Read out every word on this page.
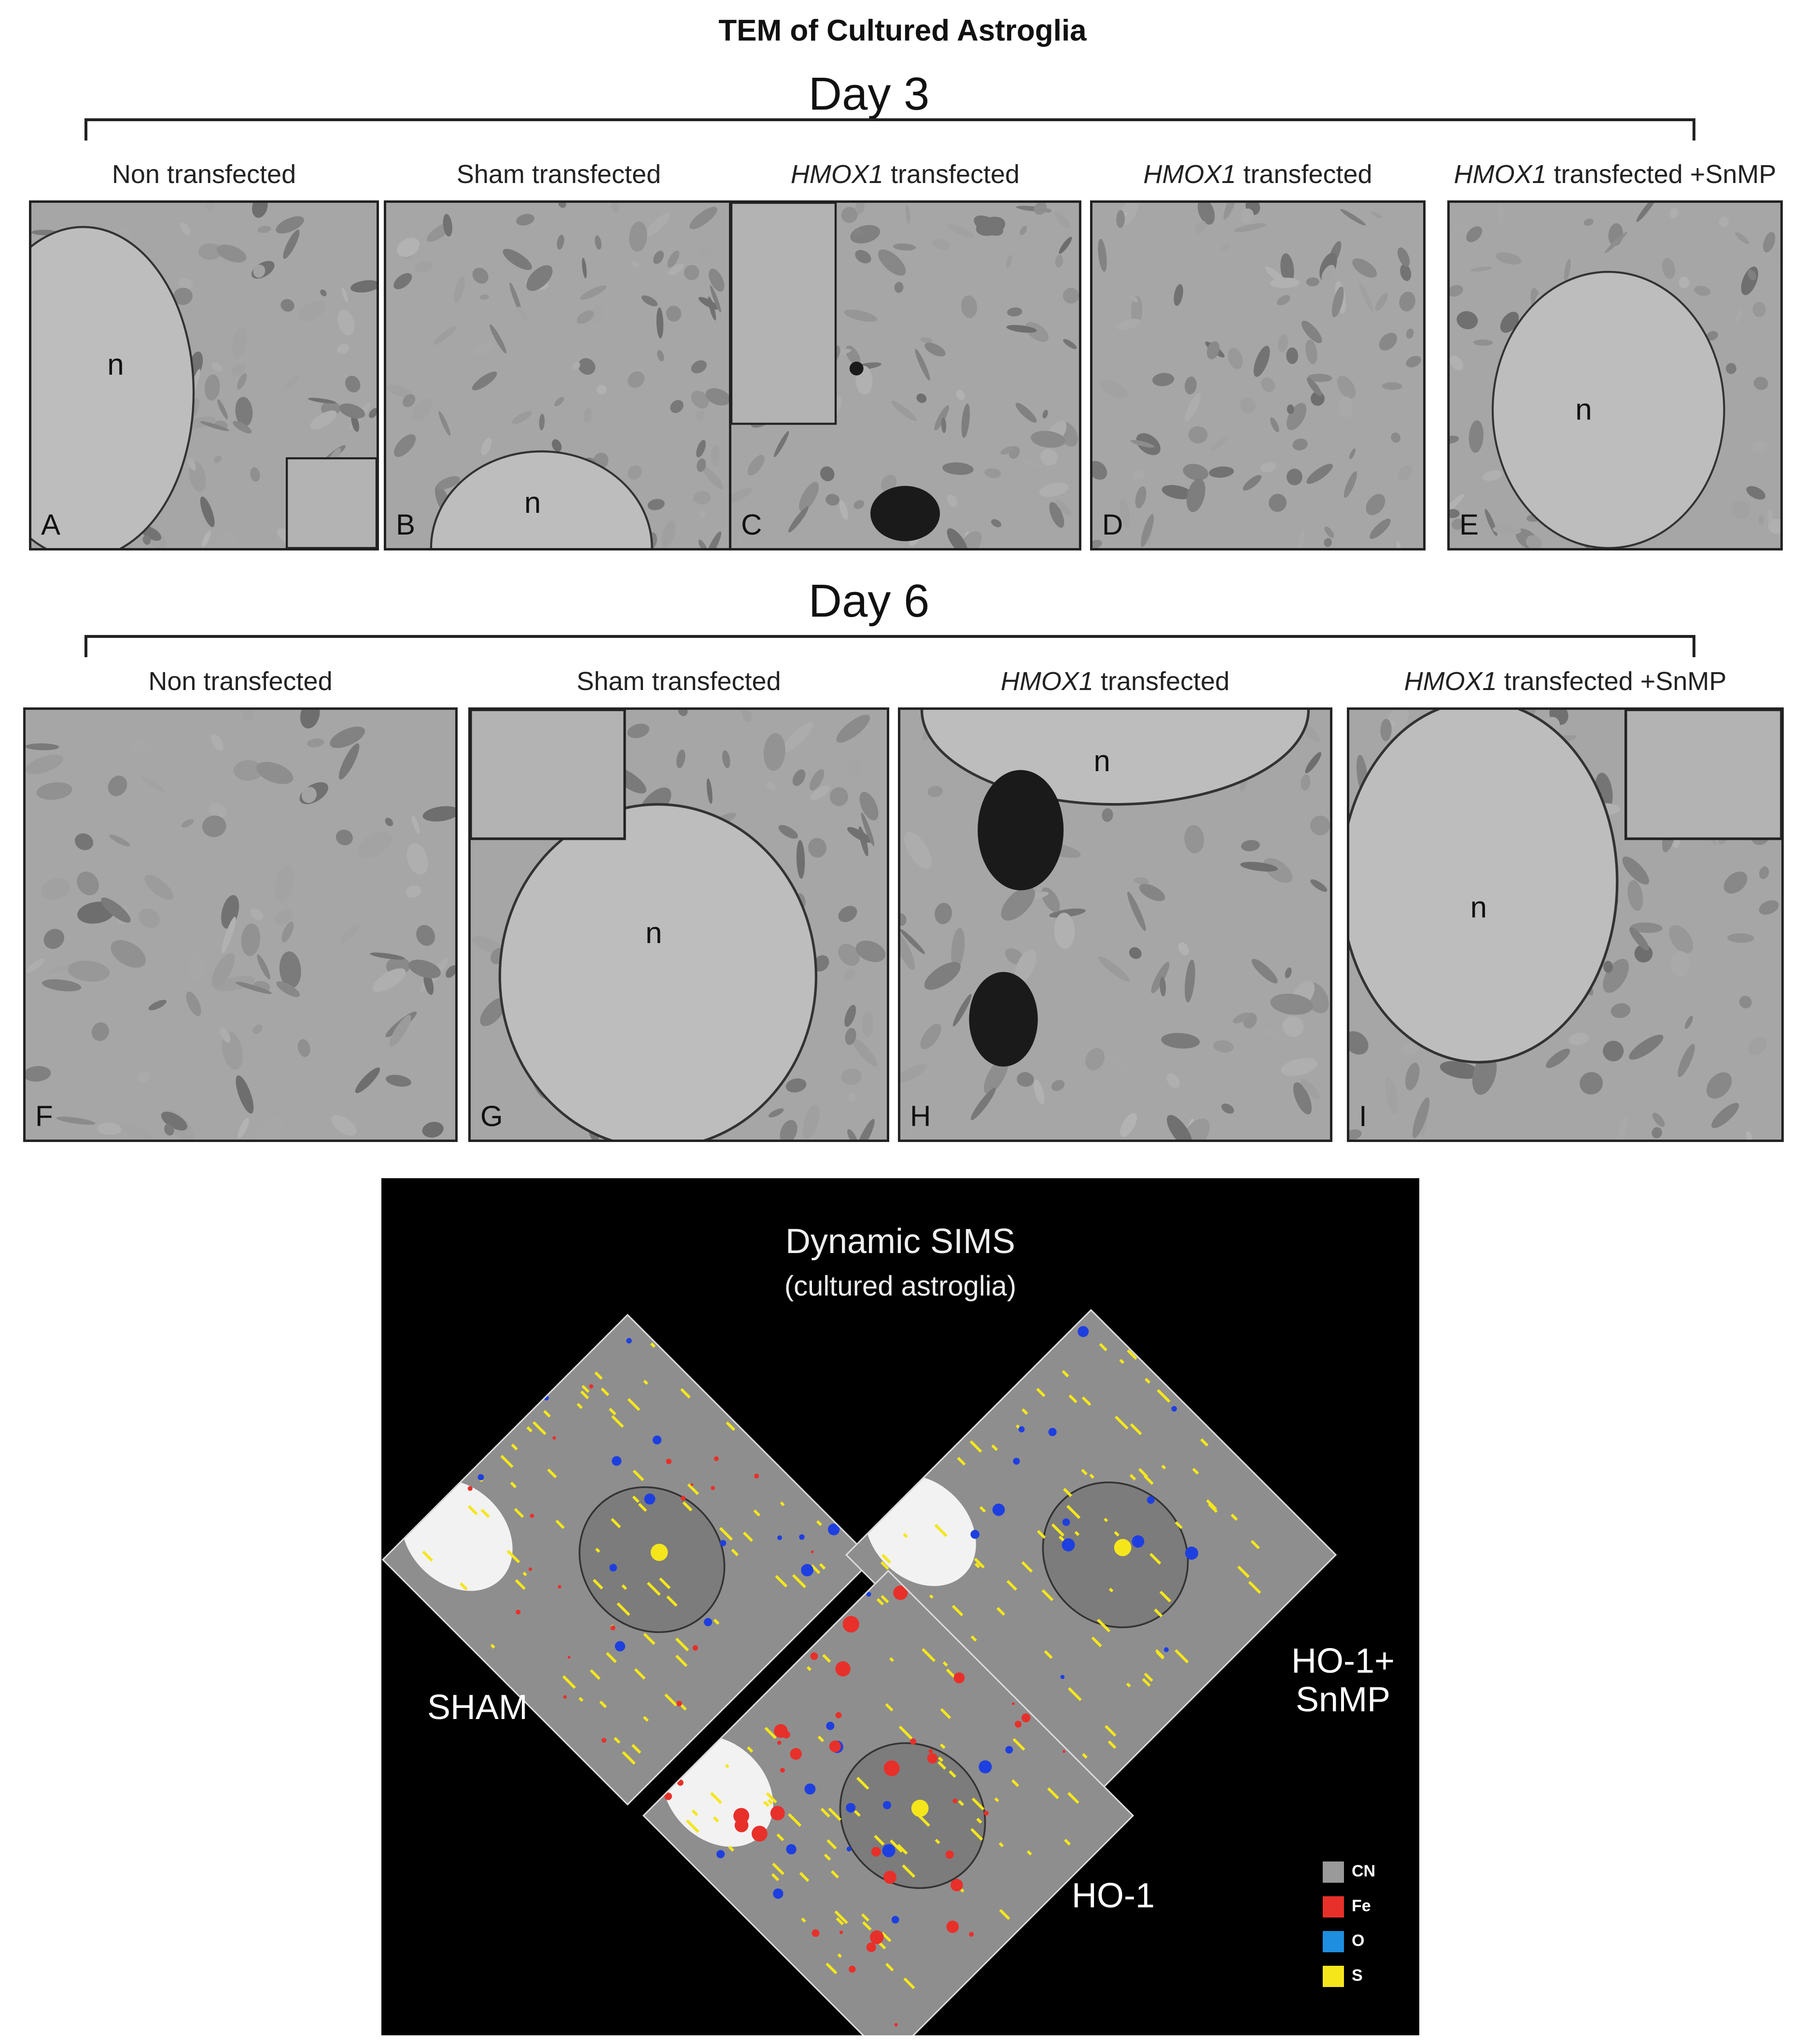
TEM of Cultured Astroglia
Day 3
Non transfected	Sham transfected	HMOX1 transfected	HMOX1 transfected	HMOX1 transfected +SnMP
A
n
B
n
C	D	E
n
Day 6
Non transfected	Sham transfected	HMOX1 transfected	HMOX1 transfected +SnMP
F	G
n
H
n
I
n
Dynamic SIMS
(cultured astroglia)
SHAM
HO-1
HO-1+
SnMP
CN
Fe
O
S
